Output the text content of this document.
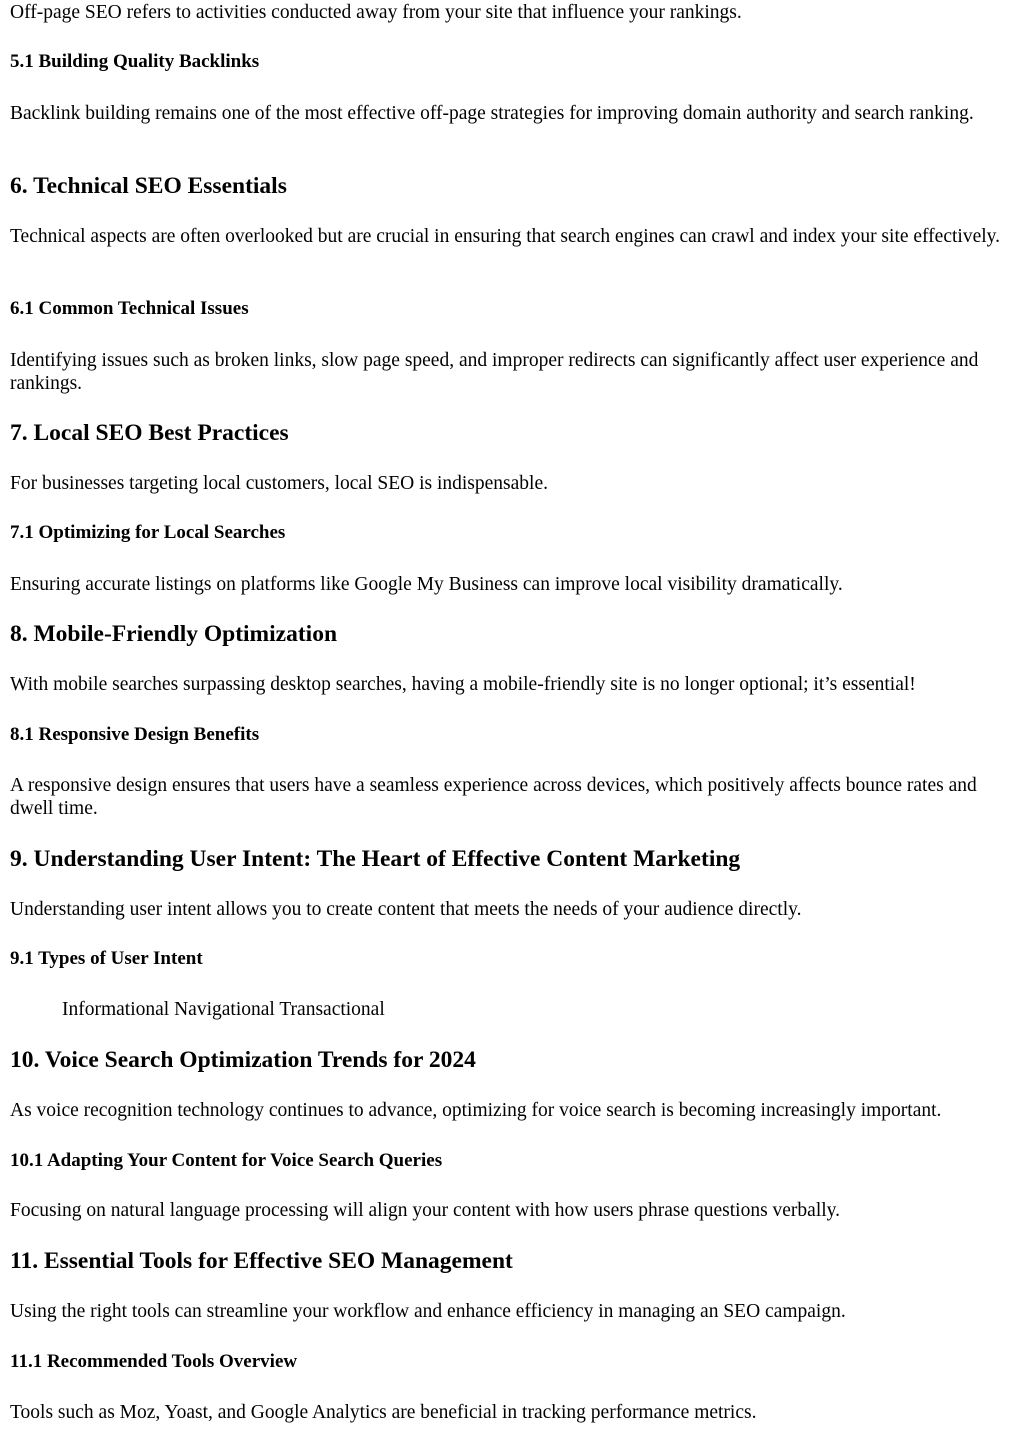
Off-page SEO refers to activities conducted away from your site that influence your rankings.

5.1 Building Quality Backlinks

Backlink building remains one of the most effective off-page strategies for improving domain authority and search ranking.

6. Technical SEO Essentials

Technical aspects are often overlooked but are crucial in ensuring that search engines can crawl and index your site effectively.

6.1 Common Technical Issues

Identifying issues such as broken links, slow page speed, and improper redirects can significantly affect user experience and rankings.

7. Local SEO Best Practices

For businesses targeting local customers, local SEO is indispensable.

7.1 Optimizing for Local Searches

Ensuring accurate listings on platforms like Google My Business can improve local visibility dramatically.

8. Mobile-Friendly Optimization

With mobile searches surpassing desktop searches, having a mobile-friendly site is no longer optional; it’s essential!

8.1 Responsive Design Benefits

A responsive design ensures that users have a seamless experience across devices, which positively affects bounce rates and dwell time.

9. Understanding User Intent: The Heart of Effective Content Marketing

Understanding user intent allows you to create content that meets the needs of your audience directly.

9.1 Types of User Intent

Informational Navigational Transactional

10. Voice Search Optimization Trends for 2024

As voice recognition technology continues to advance, optimizing for voice search is becoming increasingly important.

10.1 Adapting Your Content for Voice Search Queries

Focusing on natural language processing will align your content with how users phrase questions verbally.

11. Essential Tools for Effective SEO Management

Using the right tools can streamline your workflow and enhance efficiency in managing an SEO campaign.

11.1 Recommended Tools Overview

Tools such as Moz, Yoast, and Google Analytics are beneficial in tracking performance metrics.
